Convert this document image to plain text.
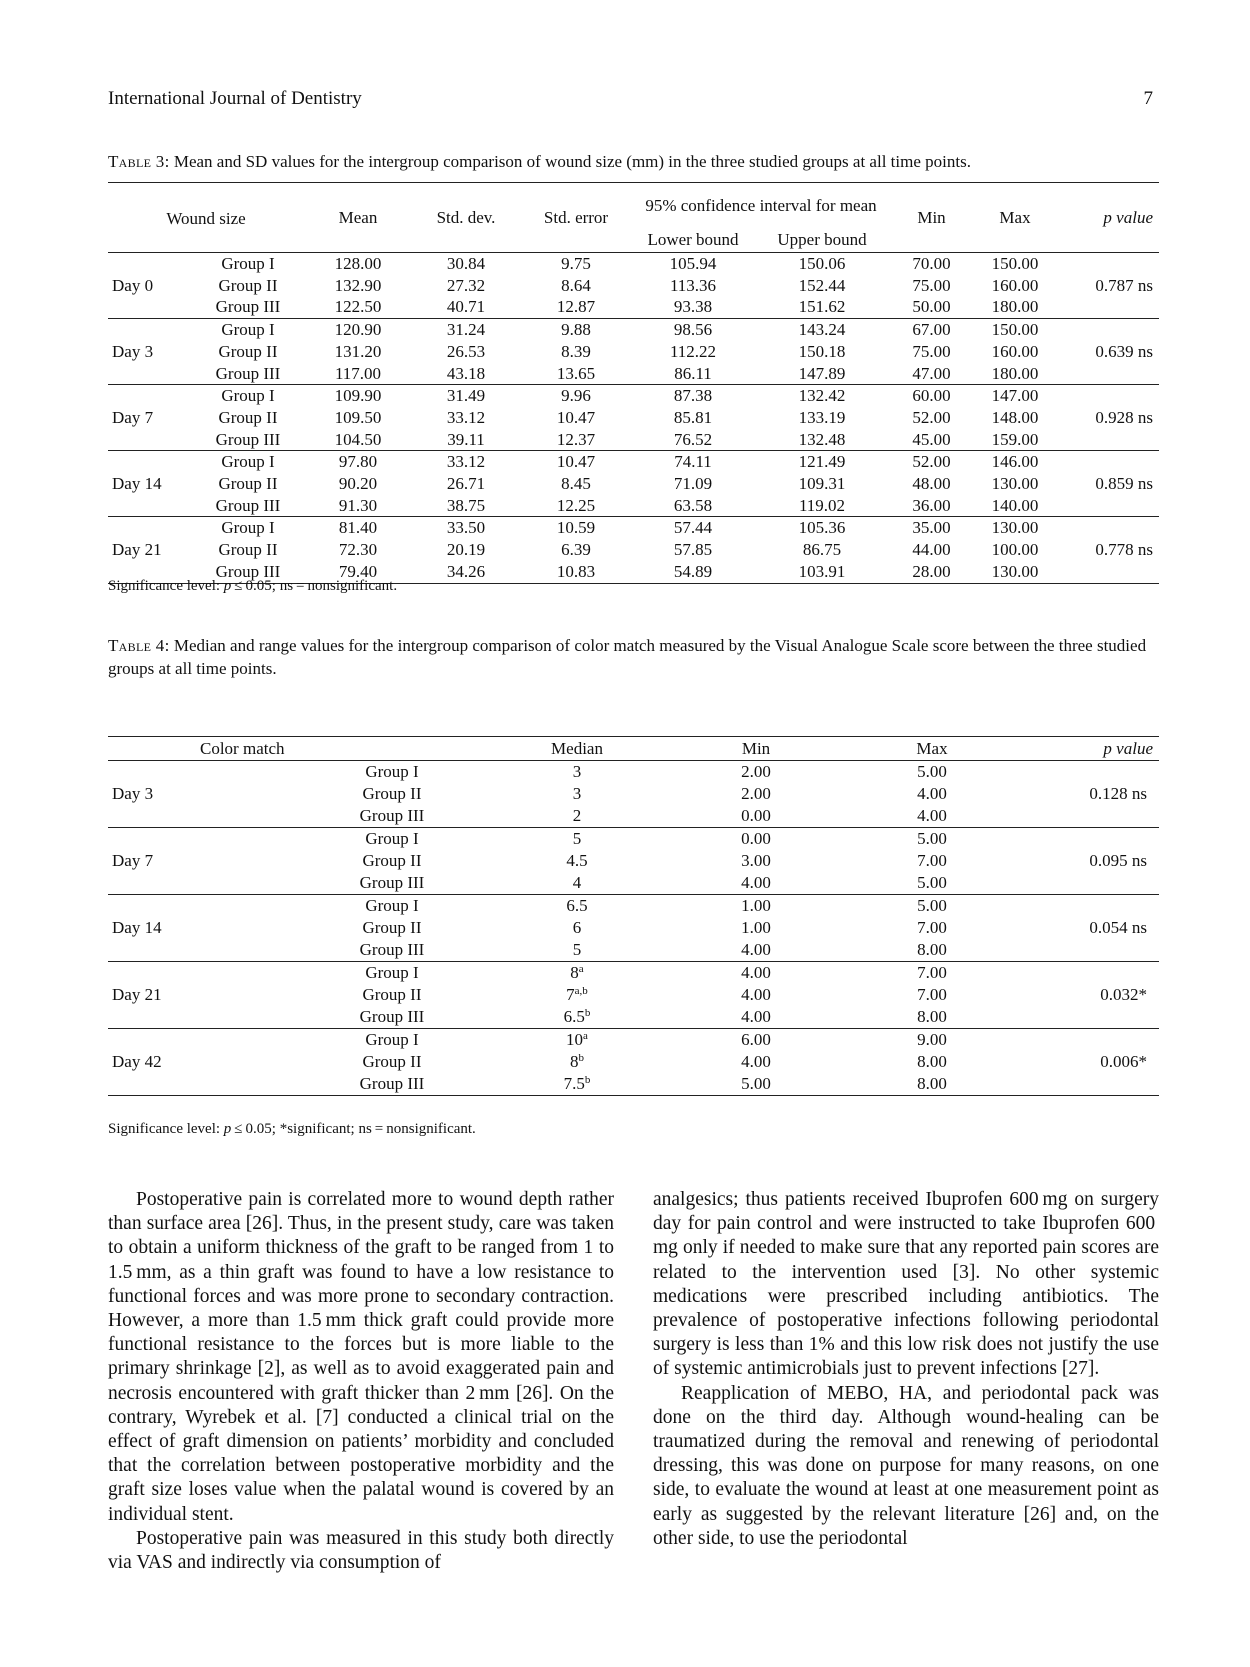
International Journal of Dentistry	7
Table 3: Mean and SD values for the intergroup comparison of wound size (mm) in the three studied groups at all time points.
Wound size		Mean	Std. dev.	Std. error	95% confidence interval for mean		Min	Max	p value

					Lower bound	Upper bound			
Day 0	Group I	128.00	30.84	9.75	105.94	150.06	70.00	150.00	0.787 ns
	Group II	132.90	27.32	8.64	113.36	152.44	75.00	160.00	
	Group III	122.50	40.71	12.87	93.38	151.62	50.00	180.00	
Day 3	Group I	120.90	31.24	9.88	98.56	143.24	67.00	150.00	0.639 ns
	Group II	131.20	26.53	8.39	112.22	150.18	75.00	160.00	
	Group III	117.00	43.18	13.65	86.11	147.89	47.00	180.00	
Day 7	Group I	109.90	31.49	9.96	87.38	132.42	60.00	147.00	0.928 ns
	Group II	109.50	33.12	10.47	85.81	133.19	52.00	148.00	
	Group III	104.50	39.11	12.37	76.52	132.48	45.00	159.00	
Day 14	Group I	97.80	33.12	10.47	74.11	121.49	52.00	146.00	0.859 ns
	Group II	90.20	26.71	8.45	71.09	109.31	48.00	130.00	
	Group III	91.30	38.75	12.25	63.58	119.02	36.00	140.00	
Day 21	Group I	81.40	33.50	10.59	57.44	105.36	35.00	130.00	0.778 ns
	Group II	72.30	20.19	6.39	57.85	86.75	44.00	100.00	
	Group III	79.40	34.26	10.83	54.89	103.91	28.00	130.00	
Significance level: p ≤ 0.05; ns = nonsignificant.
Table 4: Median and range values for the intergroup comparison of color match measured by the Visual Analogue Scale score between the three studied groups at all time points.
Color match		Median	Min	Max	p value
Day 3	Group I	3	2.00	5.00	0.128 ns
	Group II	3	2.00	4.00	
	Group III	2	0.00	4.00	
Day 7	Group I	5	0.00	5.00	0.095 ns
	Group II	4.5	3.00	7.00	
	Group III	4	4.00	5.00	
Day 14	Group I	6.5	1.00	5.00	0.054 ns
	Group II	6	1.00	7.00	
	Group III	5	4.00	8.00	
Day 21	Group I	8$^a$	4.00	7.00	0.032*
	Group II	7$^{a,b}$	4.00	7.00	
	Group III	6.5$^b$	4.00	8.00	
Day 42	Group I	10$^a$	6.00	9.00	0.006*
	Group II	8$^b$	4.00	8.00	
	Group III	7.5$^b$	5.00	8.00	
Significance level: p ≤ 0.05; *significant; ns = nonsignificant.

Postoperative pain is correlated more to wound depth rather than surface area [26]. Thus, in the present study, care was taken to obtain a uniform thickness of the graft to be ranged from 1 to 1.5 mm, as a thin graft was found to have a low resistance to functional forces and was more prone to secondary contraction. However, a more than 1.5 mm thick graft could provide more functional resistance to the forces but is more liable to the primary shrinkage [2], as well as to avoid exaggerated pain and necrosis encountered with graft thicker than 2 mm [26]. On the contrary, Wyrebek et al. [7] conducted a clinical trial on the effect of graft dimension on patients’ morbidity and concluded that the correlation between postoperative morbidity and the graft size loses value when the palatal wound is covered by an individual stent.

Postoperative pain was measured in this study both directly via VAS and indirectly via consumption of

analgesics; thus patients received Ibuprofen 600 mg on surgery day for pain control and were instructed to take Ibuprofen 600 mg only if needed to make sure that any reported pain scores are related to the intervention used [3]. No other systemic medications were prescribed including antibiotics. The prevalence of postoperative infections following periodontal surgery is less than 1% and this low risk does not justify the use of systemic antimicrobials just to prevent infections [27].

Reapplication of MEBO, HA, and periodontal pack was done on the third day. Although wound-healing can be traumatized during the removal and renewing of periodontal dressing, this was done on purpose for many reasons, on one side, to evaluate the wound at least at one measurement point as early as suggested by the relevant literature [26] and, on the other side, to use the periodontal
